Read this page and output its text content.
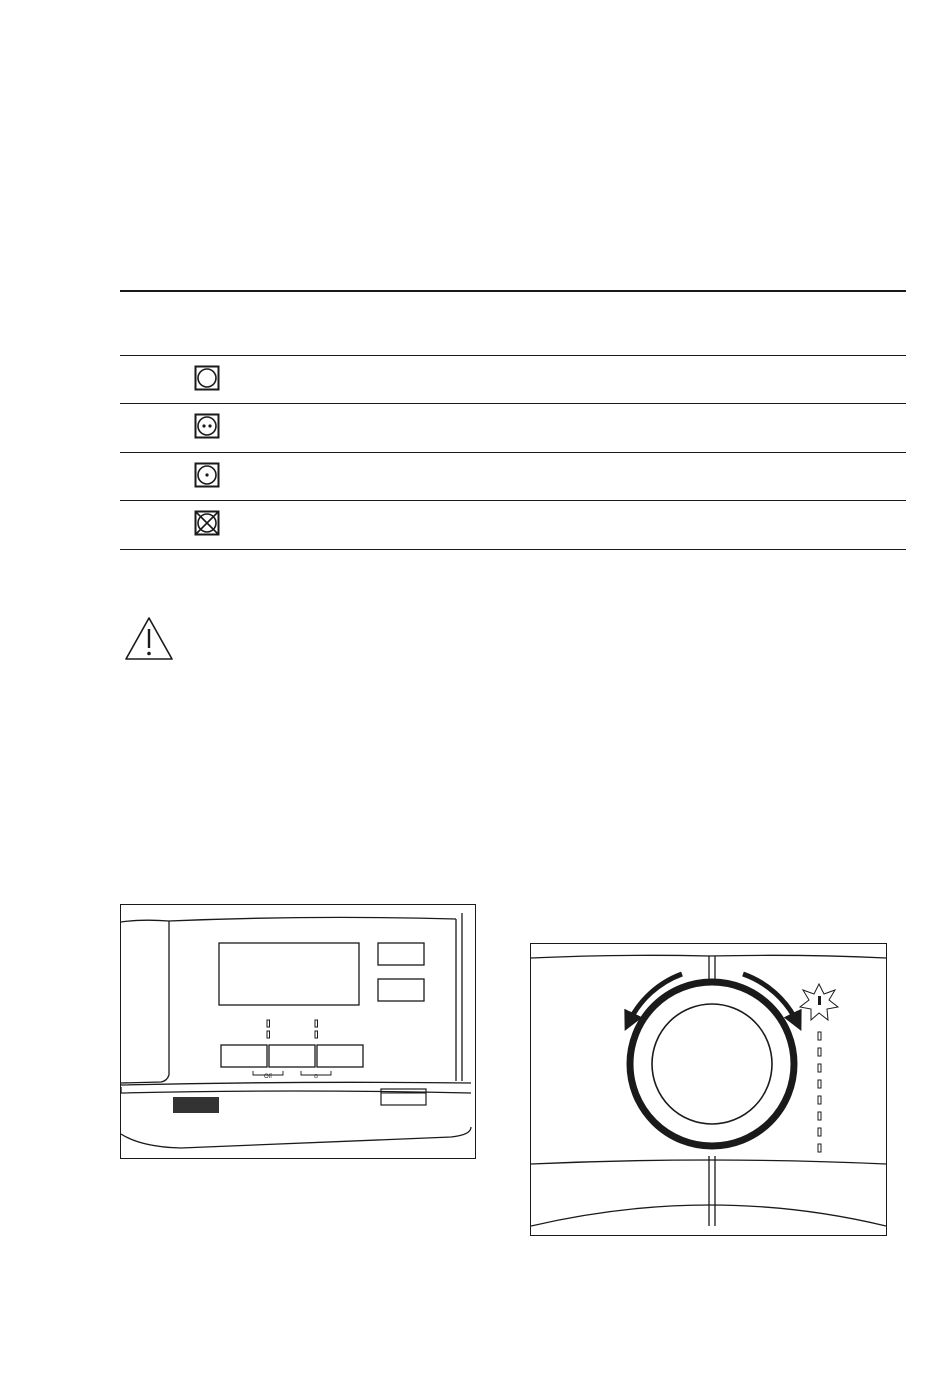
Off	⊙
